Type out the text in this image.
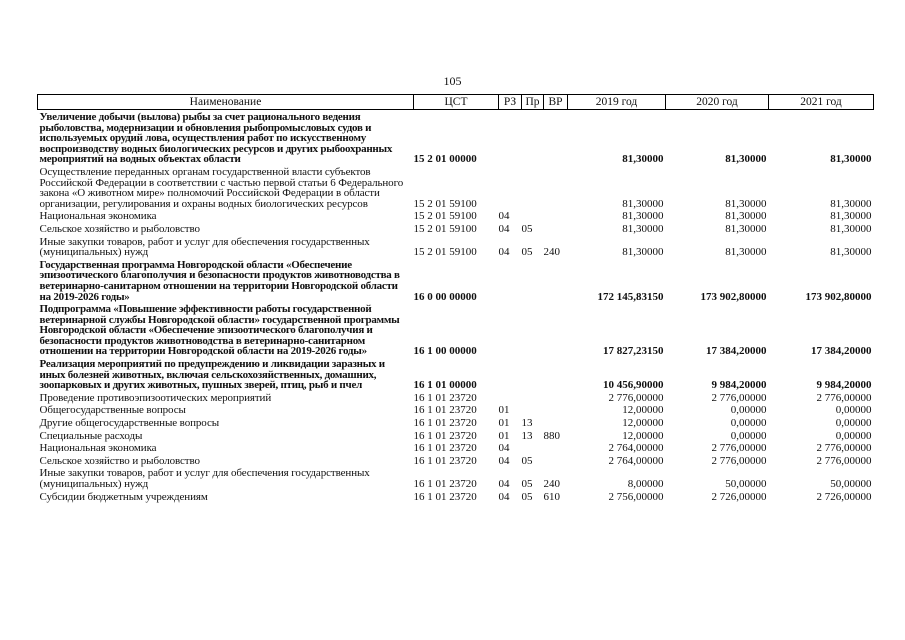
105
Наименование	ЦСТ	РЗ	Пр	ВР	2019 год	2020 год	2021 год
Увеличение добычи (вылова) рыбы за счет рационального ведения рыболовства, модернизации и обновления рыбопромысловых судов и используемых орудий лова, осуществления работ по искусственному воспроизводству водных биологических ресурсов и других рыбоохранных мероприятий на водных объектах области	15 2 01 00000				81,30000	81,30000	81,30000
Осуществление переданных органам государственной власти субъектов Российской Федерации в соответствии с частью первой статьи 6 Федерального закона «О животном мире» полномочий Российской Федерации в области организации, регулирования и охраны водных биологических ресурсов	15 2 01 59100				81,30000	81,30000	81,30000
Национальная экономика	15 2 01 59100	04			81,30000	81,30000	81,30000
Сельское хозяйство и рыболовство	15 2 01 59100	04	05		81,30000	81,30000	81,30000
Иные закупки товаров, работ и услуг для обеспечения государственных (муниципальных) нужд	15 2 01 59100	04	05	240	81,30000	81,30000	81,30000
Государственная программа Новгородской области «Обеспечение эпизоотического благополучия и безопасности продуктов животноводства в ветеринарно-санитарном отношении на территории Новгородской области на 2019-2026 годы»	16 0 00 00000				172 145,83150	173 902,80000	173 902,80000
Подпрограмма «Повышение эффективности работы государственной ветеринарной службы Новгородской области» государственной программы Новгородской области «Обеспечение эпизоотического благополучия и безопасности продуктов животноводства в ветеринарно-санитарном отношении на территории Новгородской области на 2019-2026 годы»	16 1 00 00000				17 827,23150	17 384,20000	17 384,20000
Реализация мероприятий по предупреждению и ликвидации заразных и иных болезней животных, включая сельскохозяйственных, домашних, зоопарковых и других животных, пушных зверей, птиц, рыб и пчел	16 1 01 00000				10 456,90000	9 984,20000	9 984,20000
Проведение противоэпизоотических мероприятий	16 1 01 23720				2 776,00000	2 776,00000	2 776,00000
Общегосударственные вопросы	16 1 01 23720	01			12,00000	0,00000	0,00000
Другие общегосударственные вопросы	16 1 01 23720	01	13		12,00000	0,00000	0,00000
Специальные расходы	16 1 01 23720	01	13	880	12,00000	0,00000	0,00000
Национальная экономика	16 1 01 23720	04			2 764,00000	2 776,00000	2 776,00000
Сельское хозяйство и рыболовство	16 1 01 23720	04	05		2 764,00000	2 776,00000	2 776,00000
Иные закупки товаров, работ и услуг для обеспечения государственных (муниципальных) нужд	16 1 01 23720	04	05	240	8,00000	50,00000	50,00000
Субсидии бюджетным учреждениям	16 1 01 23720	04	05	610	2 756,00000	2 726,00000	2 726,00000
